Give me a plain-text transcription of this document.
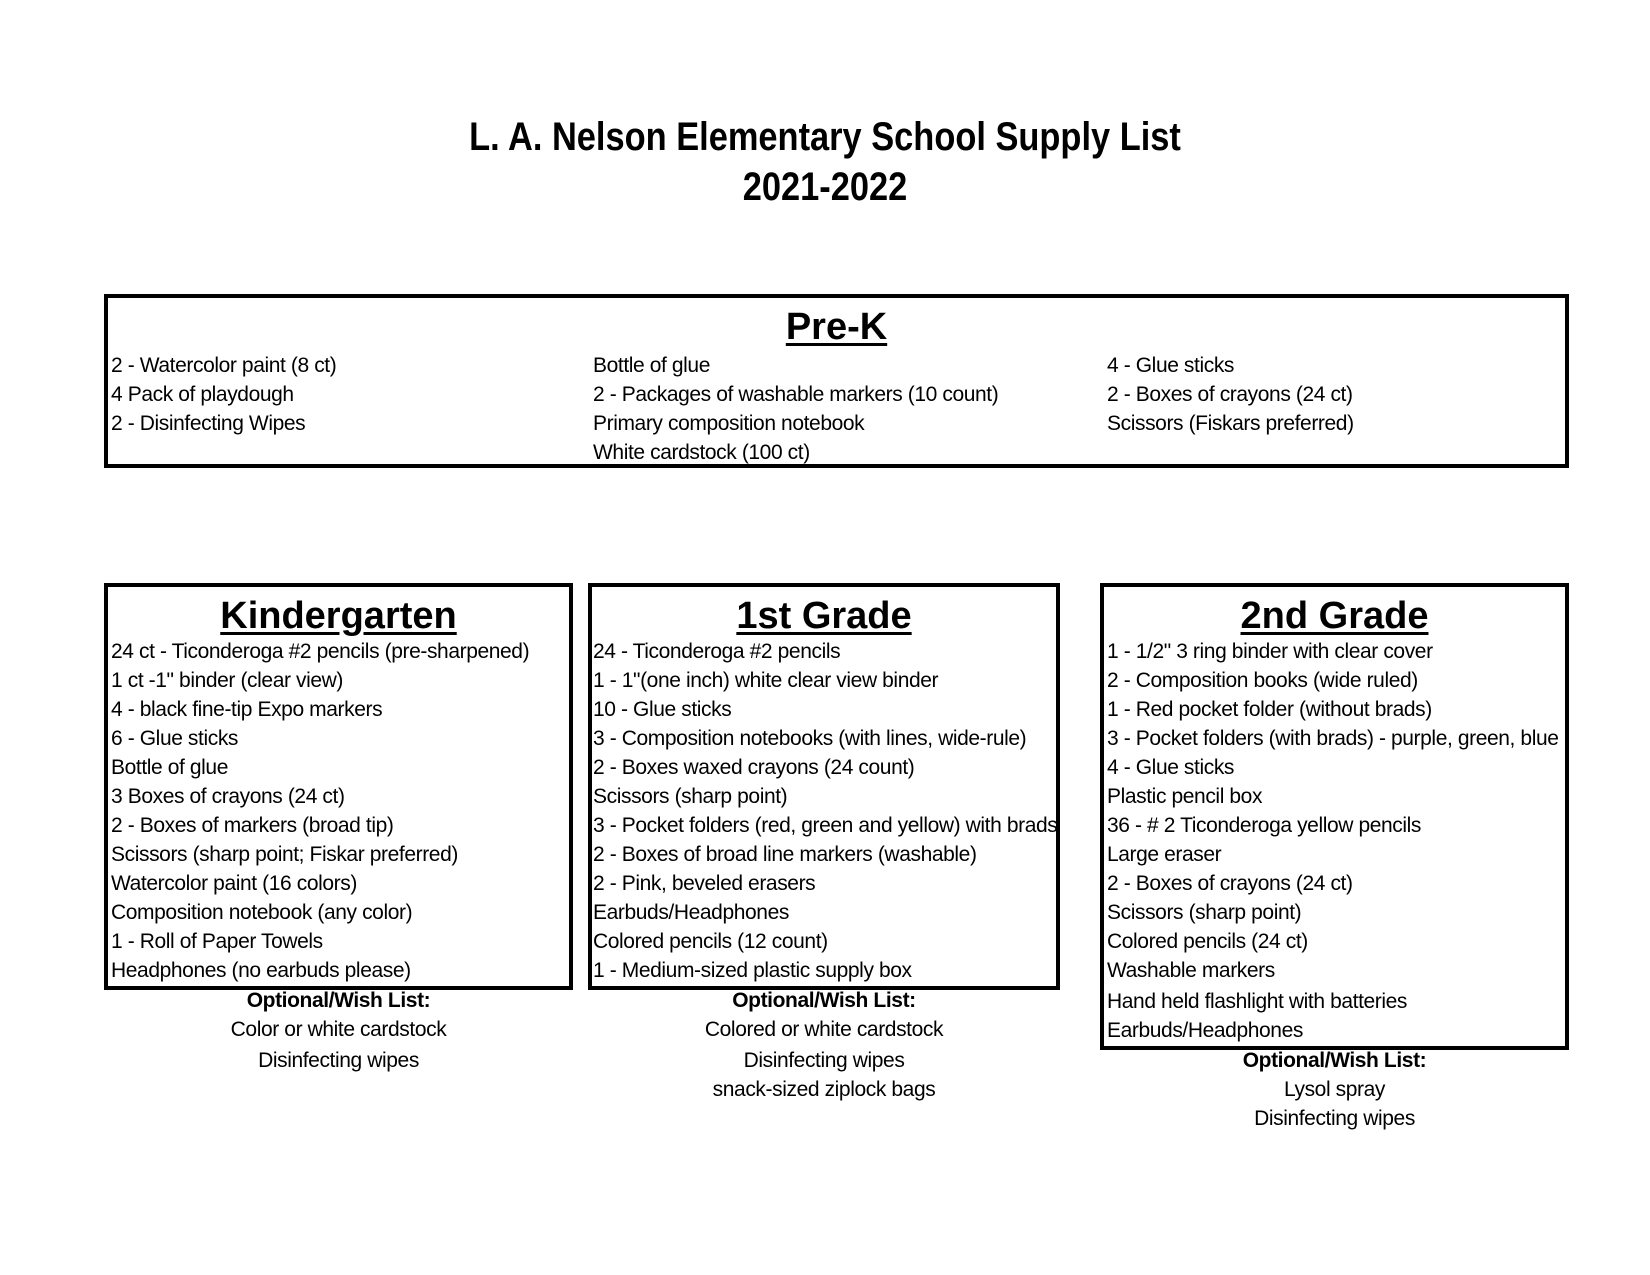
L. A. Nelson Elementary School Supply List
2021-2022
Pre-K
2 - Watercolor paint (8 ct)
4 Pack of playdough
2 - Disinfecting Wipes
Bottle of glue
2 - Packages of washable markers (10 count)
Primary composition notebook
White cardstock (100 ct)
4 - Glue sticks
2 - Boxes of crayons (24 ct)
Scissors (Fiskars preferred)
Kindergarten
24 ct - Ticonderoga #2 pencils (pre-sharpened)
1 ct -1" binder (clear view)
4 - black fine-tip Expo markers
6 - Glue sticks
Bottle of glue
3 Boxes of crayons (24 ct)
2 - Boxes of markers (broad tip)
Scissors (sharp point; Fiskar preferred)
Watercolor paint (16 colors)
Composition notebook (any color)
1 - Roll of Paper Towels
Headphones (no earbuds please)
Optional/Wish List:
Color or white cardstock
Disinfecting wipes
1st Grade
24 - Ticonderoga #2 pencils
1 - 1"(one inch) white clear view binder
10 - Glue sticks
3 - Composition notebooks (with lines, wide-rule)
2 - Boxes waxed crayons (24 count)
Scissors (sharp point)
3 - Pocket folders (red, green and yellow) with brads
2 - Boxes of broad line markers (washable)
2 - Pink, beveled erasers
Earbuds/Headphones
Colored pencils (12 count)
1 - Medium-sized plastic supply box
Optional/Wish List:
Colored or white cardstock
Disinfecting wipes
snack-sized ziplock bags
2nd Grade
1 - 1/2" 3 ring binder with clear cover
2 - Composition books (wide ruled)
1 - Red pocket folder (without brads)
3 - Pocket folders (with brads) - purple, green, blue
4 - Glue sticks
Plastic pencil box
36 - # 2 Ticonderoga yellow pencils
Large eraser
2 - Boxes of crayons (24 ct)
Scissors (sharp point)
Colored pencils (24 ct)
Washable markers
Hand held flashlight with batteries
Earbuds/Headphones
Optional/Wish List:
Lysol spray
Disinfecting wipes
